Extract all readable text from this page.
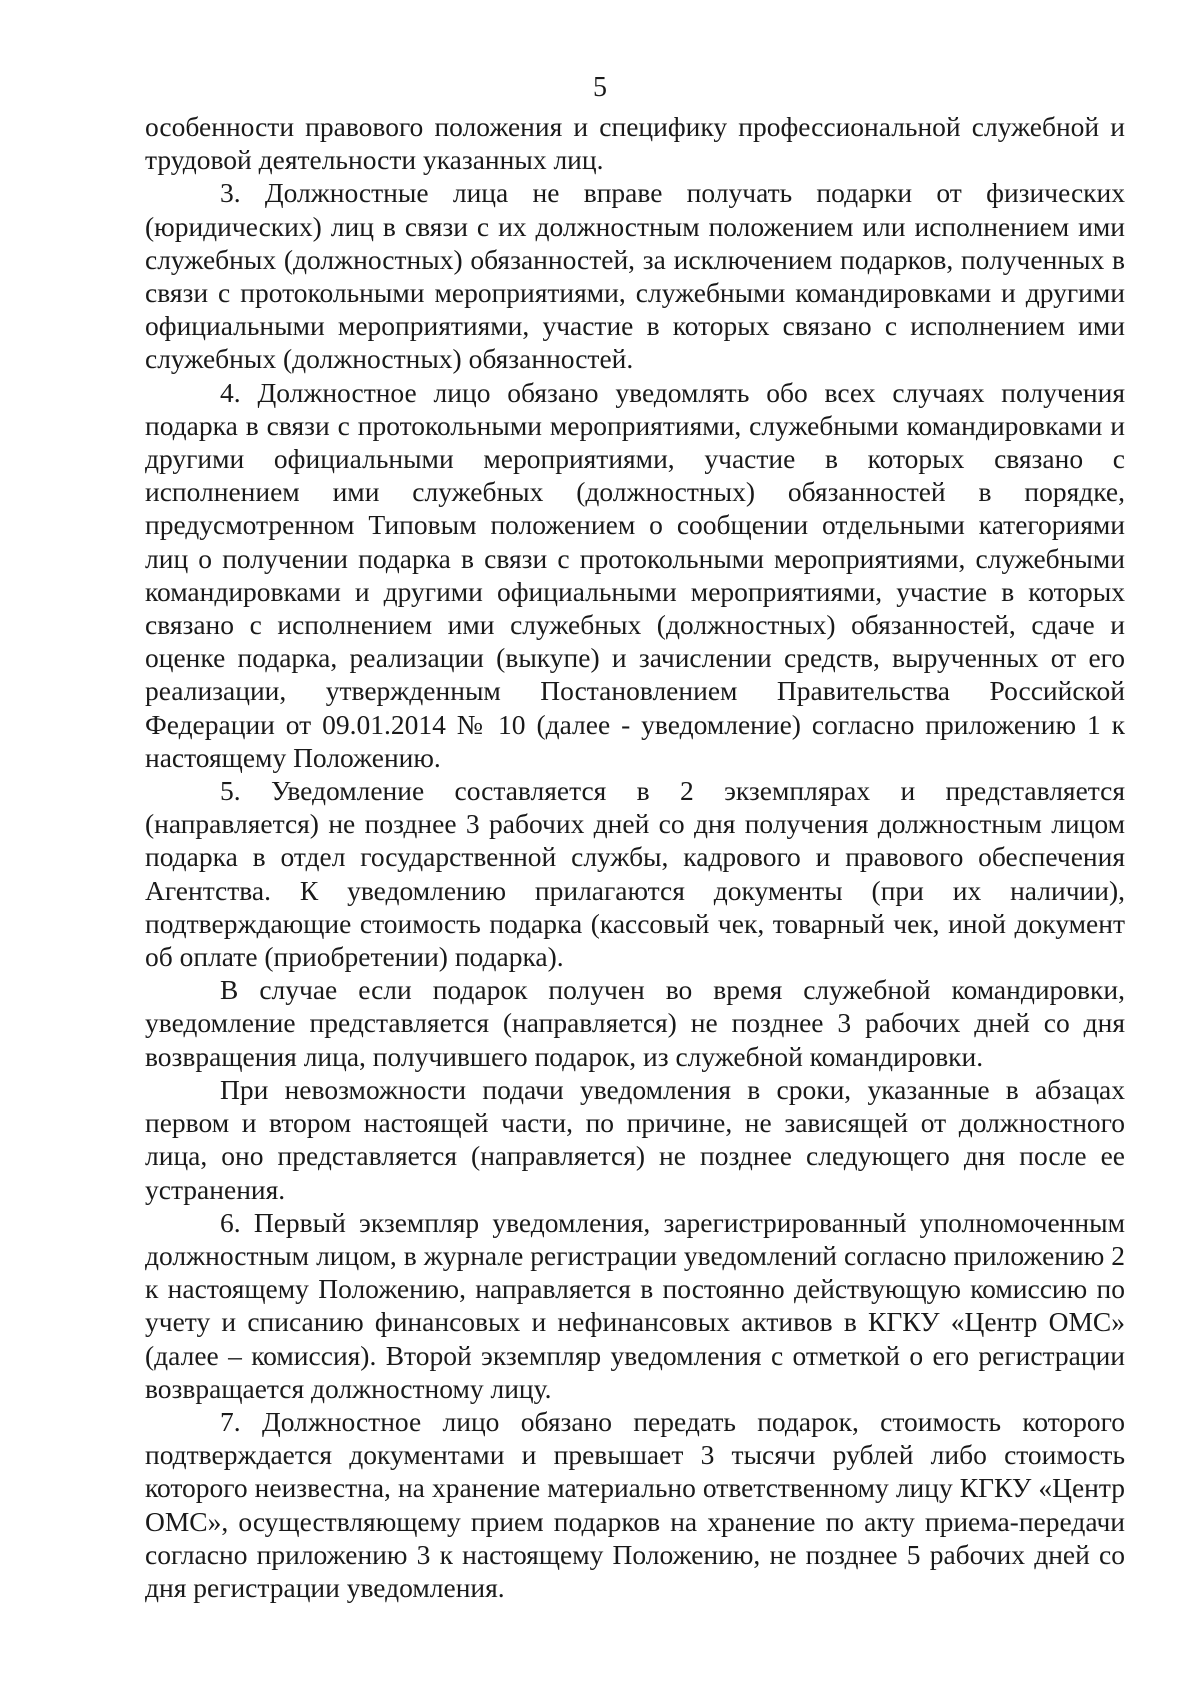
5

особенности правового положения и специфику профессиональной служебной и трудовой деятельности указанных лиц.

3. Должностные лица не вправе получать подарки от физических (юридических) лиц в связи с их должностным положением или исполнением ими служебных (должностных) обязанностей, за исключением подарков, полученных в связи с протокольными мероприятиями, служебными командировками и другими официальными мероприятиями, участие в которых связано с исполнением ими служебных (должностных) обязанностей.

4. Должностное лицо обязано уведомлять обо всех случаях получения подарка в связи с протокольными мероприятиями, служебными командировками и другими официальными мероприятиями, участие в которых связано с исполнением ими служебных (должностных) обязанностей в порядке, предусмотренном Типовым положением о сообщении отдельными категориями лиц о получении подарка в связи с протокольными мероприятиями, служебными командировками и другими официальными мероприятиями, участие в которых связано с исполнением ими служебных (должностных) обязанностей, сдаче и оценке подарка, реализации (выкупе) и зачислении средств, вырученных от его реализации, утвержденным Постановлением Правительства Российской Федерации от 09.01.2014 № 10 (далее - уведомление) согласно приложению 1 к настоящему Положению.

5. Уведомление составляется в 2 экземплярах и представляется (направляется) не позднее 3 рабочих дней со дня получения должностным лицом подарка в отдел государственной службы, кадрового и правового обеспечения Агентства. К уведомлению прилагаются документы (при их наличии), подтверждающие стоимость подарка (кассовый чек, товарный чек, иной документ об оплате (приобретении) подарка).

В случае если подарок получен во время служебной командировки, уведомление представляется (направляется) не позднее 3 рабочих дней со дня возвращения лица, получившего подарок, из служебной командировки.

При невозможности подачи уведомления в сроки, указанные в абзацах первом и втором настоящей части, по причине, не зависящей от должностного лица, оно представляется (направляется) не позднее следующего дня после ее устранения.

6. Первый экземпляр уведомления, зарегистрированный уполномоченным должностным лицом, в журнале регистрации уведомлений согласно приложению 2 к настоящему Положению, направляется в постоянно действующую комиссию по учету и списанию финансовых и нефинансовых активов в КГКУ «Центр ОМС» (далее – комиссия). Второй экземпляр уведомления с отметкой о его регистрации возвращается должностному лицу.

7. Должностное лицо обязано передать подарок, стоимость которого подтверждается документами и превышает 3 тысячи рублей либо стоимость которого неизвестна, на хранение материально ответственному лицу КГКУ «Центр ОМС», осуществляющему прием подарков на хранение по акту приема-передачи согласно приложению 3 к настоящему Положению, не позднее 5 рабочих дней со дня регистрации уведомления.
